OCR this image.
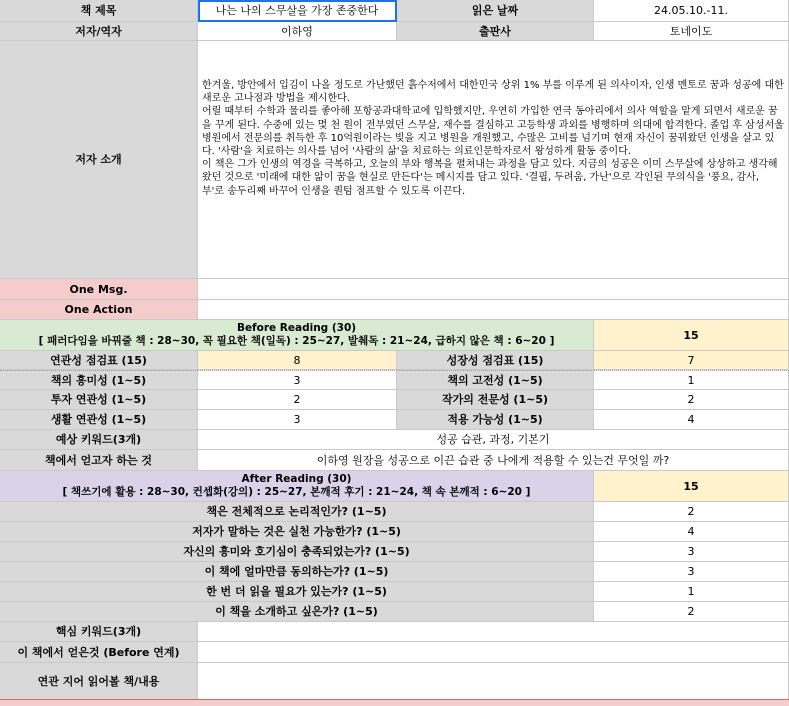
책 제목	나는 나의 스무살을 가장 존중한다	읽은 날짜	24.05.10.-11.
저자/역자	이하영	출판사	토네이도
저자 소개
한겨울, 방안에서 입김이 나올 정도로 가난했던 흙수저에서 대한민국 상위 1% 부를 이루게 된 의사이자, 인생 멘토로 꿈과 성공에 대한 새로운 고나점과 방법을 제시한다.
어릴 때부터 수학과 물리를 좋아해 포항공과대학교에 입학했지만, 우연히 가입한 연극 동아리에서 의사 역할을 맡게 되면서 새로운 꿈을 꾸게 된다. 수중에 있는 몇 천 원이 전부였던 스무살, 재수를 결심하고 고등학생 과외를 병행하며 의대에 합격한다. 졸업 후 삼성서울병원에서 전문의를 취득한 후 10억원이라는 빚을 지고 병원을 개원했고, 수많은 고비를 넘기며 현재 자신이 꿈꿔왔던 인생을 살고 있다. '사람'을 치료하는 의사를 넘어 '사람의 삶'을 치료하는 의료인문학자로서 왕성하게 활동 중이다.
이 책은 그가 인생의 역경을 극복하고, 오늘의 부와 행복을 펼쳐내는 과정을 담고 있다. 지금의 성공은 이미 스무살에 상상하고 생각해왔던 것으로 '미래에 대한 앎이 꿈을 현실로 만든다'는 메시지를 담고 있다. '결핍, 두려움, 가난'으로 각인된 무의식을 '풍요, 감사, 부'로 송두리째 바꾸어 인생을 퀀텀 점프할 수 있도록 이끈다.
One Msg.
One Action
Before Reading (30)
[ 패러다임을 바꿔줄 책 : 28~30, 꼭 필요한 책(일독) : 25~27, 발췌독 : 21~24, 급하지 않은 책 : 6~20 ]	15
연관성 점검표 (15)	8	성장성 점검표 (15)	7
책의 흥미성 (1~5)	3	책의 고전성 (1~5)	1
투자 연관성 (1~5)	2	작가의 전문성 (1~5)	2
생활 연관성 (1~5)	3	적용 가능성 (1~5)	4
예상 키워드(3개)	성공 습관, 과정, 기본기
책에서 얻고자 하는 것	이하영 원장을 성공으로 이끈 습관 중 나에게 적용할 수 있는건 무엇일 까?
After Reading (30)
[ 책쓰기에 활용 : 28~30, 컨셉화(강의) : 25~27, 본깨적 후기 : 21~24, 책 속 본깨적 : 6~20 ]	15
책은 전체적으로 논리적인가? (1~5)	2
저자가 말하는 것은 실천 가능한가? (1~5)	4
자신의 흥미와 호기심이 충족되었는가? (1~5)	3
이 책에 얼마만큼 동의하는가? (1~5)	3
한 번 더 읽을 필요가 있는가? (1~5)	1
이 책을 소개하고 싶은가? (1~5)	2
핵심 키워드(3개)
이 책에서 얻은것 (Before 연계)
연관 지어 읽어볼 책/내용
